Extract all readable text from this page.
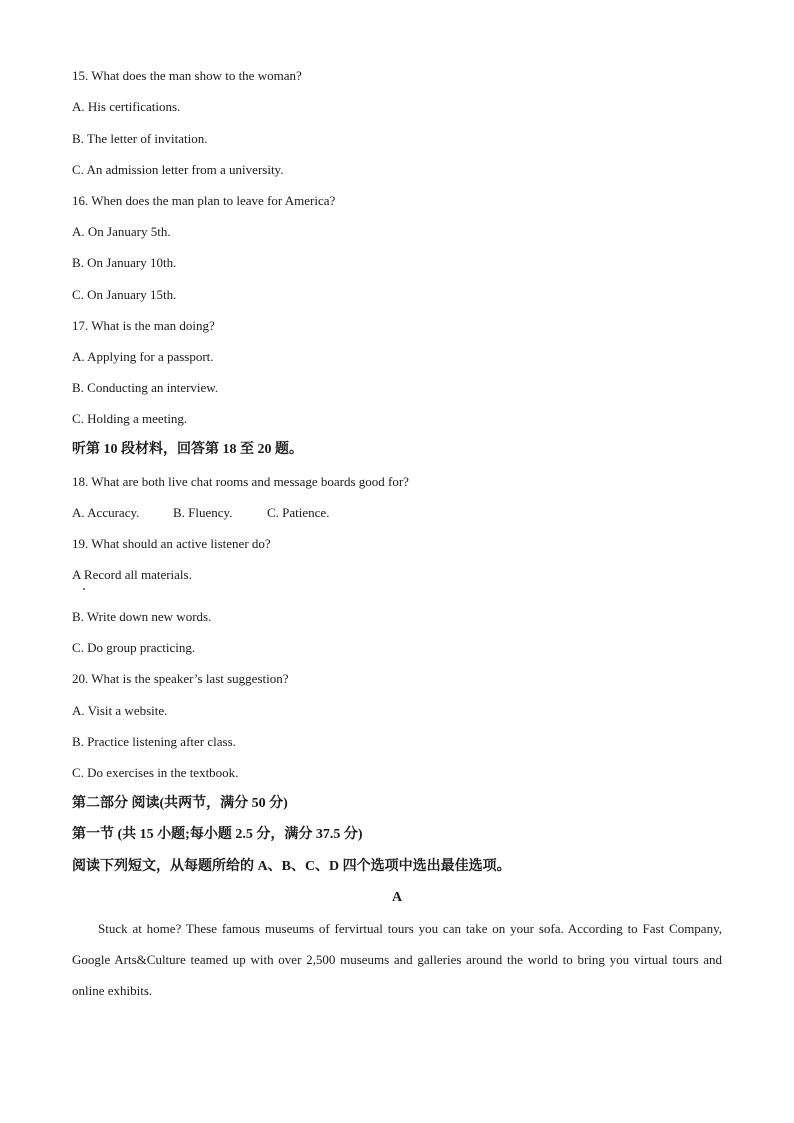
15. What does the man show to the woman?
A. His certifications.
B. The letter of invitation.
C. An admission letter from a university.
16. When does the man plan to leave for America?
A. On January 5th.
B. On January 10th.
C. On January 15th.
17. What is the man doing?
A. Applying for a passport.
B. Conducting an interview.
C. Holding a meeting.
听第 10 段材料，回答第 18 至 20 题。
18. What are both live chat rooms and message boards good for?
A. Accuracy.	B. Fluency.	C. Patience.
19. What should an active listener do?
A Record all materials.
B. Write down new words.
C. Do group practicing.
20. What is the speaker’s last suggestion?
A. Visit a website.
B. Practice listening after class.
C. Do exercises in the textbook.
第二部分 阅读(共两节，满分 50 分)
第一节 (共 15 小题;每小题 2.5 分，满分 37.5 分)
阅读下列短文，从每题所给的 A、B、C、D 四个选项中选出最佳选项。
A
Stuck at home? These famous museums of fervirtual tours you can take on your sofa. According to Fast Company, Google Arts&Culture teamed up with over 2,500 museums and galleries around the world to bring you virtual tours and online exhibits.
